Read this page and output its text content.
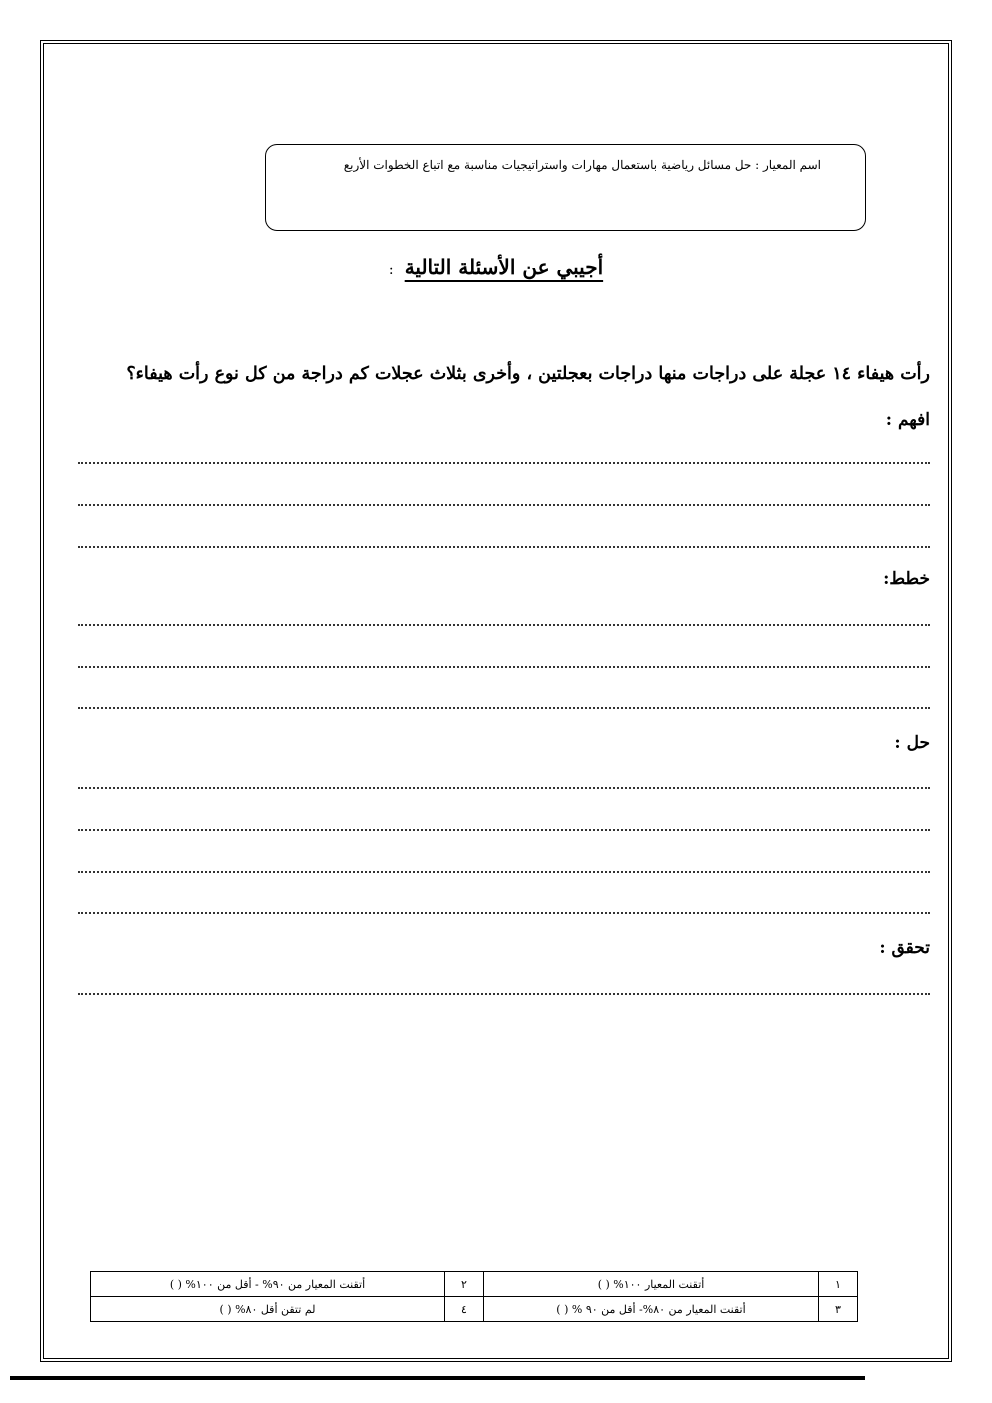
اسم المعيار : حل مسائل رياضية باستعمال مهارات واستراتيجيات مناسبة مع اتباع الخطوات الأربع
أجيبي عن الأسئلة التالية :
رأت هيفاء ١٤ عجلة على دراجات منها دراجات بعجلتين ، وأخرى بثلاث عجلات كم دراجة من كل نوع رأت هيفاء؟
افهم :
خطط:
حل :
تحقق :
١	أتقنت المعيار ١٠٠% ( )	٢	أتقنت المعيار من ٩٠% - أقل من ١٠٠% ( )
٣	أتقنت المعيار من ٨٠%- أقل من ٩٠ % ( )	٤	لم تتقن أقل ٨٠% ( )
